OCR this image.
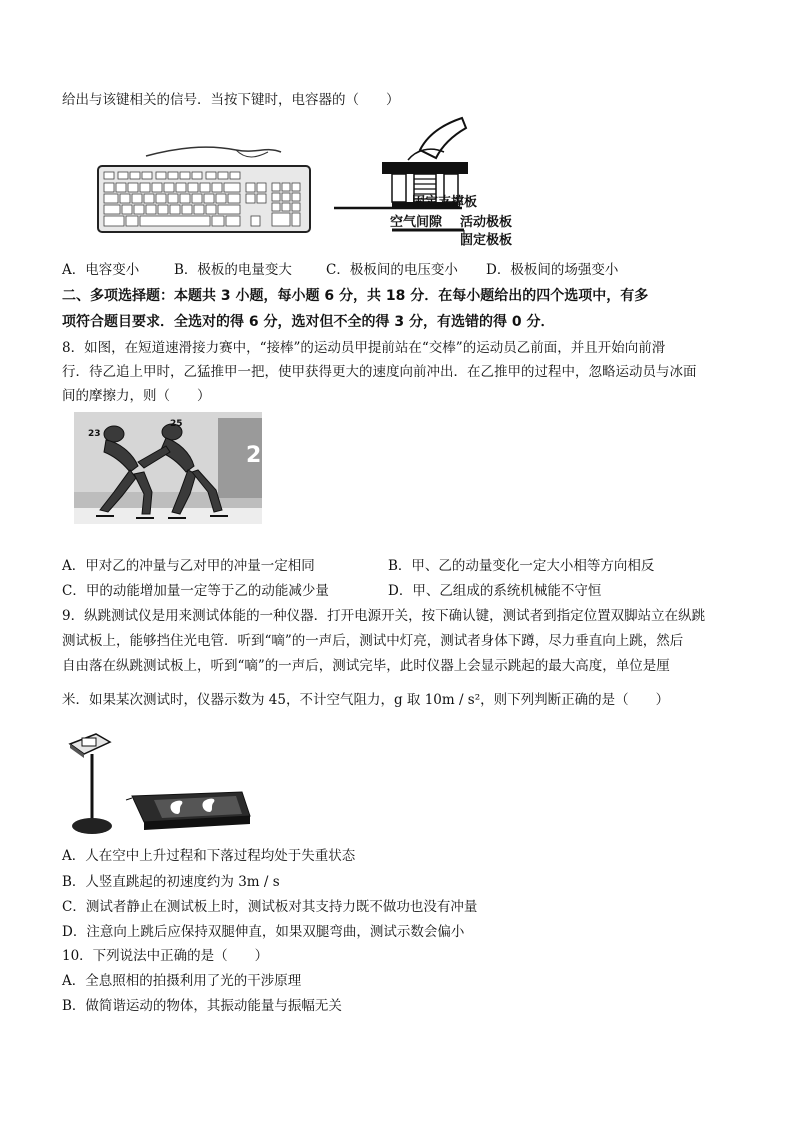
给出与该键相关的信号．当按下键时，电容器的（　　）
固定支撑板
空气间隙 活动极板
固定极板
A．电容变小	B．极板的电量变大	C．极板间的电压变小 D．极板间的场强变小
二、多项选择题：本题共 3 小题，每小题 6 分，共 18 分．在每小题给出的四个选项中，有多
项符合题目要求．全选对的得 6 分，选对但不全的得 3 分，有选错的得 0 分．
8．如图，在短道速滑接力赛中，“接棒”的运动员甲提前站在“交棒”的运动员乙前面，并且开始向前滑
行．待乙追上甲时，乙猛推甲一把，使甲获得更大的速度向前冲出．在乙推甲的过程中，忽略运动员与冰面
间的摩擦力，则（　　）
2
23
25
A．甲对乙的冲量与乙对甲的冲量一定相同	B．甲、乙的动量变化一定大小相等方向相反
C．甲的动能增加量一定等于乙的动能减少量	D．甲、乙组成的系统机械能不守恒
9．纵跳测试仪是用来测试体能的一种仪器．打开电源开关，按下确认键，测试者到指定位置双脚站立在纵跳
测试板上，能够挡住光电管．听到“嘀”的一声后，测试中灯亮，测试者身体下蹲，尽力垂直向上跳，然后
自由落在纵跳测试板上，听到“嘀”的一声后，测试完毕，此时仪器上会显示跳起的最大高度，单位是厘
米．如果某次测试时，仪器示数为 45，不计空气阻力，g 取 10m / s²，则下列判断正确的是（　　）
A．人在空中上升过程和下落过程均处于失重状态
B．人竖直跳起的初速度约为 3m / s
C．测试者静止在测试板上时，测试板对其支持力既不做功也没有冲量
D．注意向上跳后应保持双腿伸直，如果双腿弯曲，测试示数会偏小
10．下列说法中正确的是（　　）
A．全息照相的拍摄利用了光的干涉原理
B．做简谐运动的物体，其振动能量与振幅无关
